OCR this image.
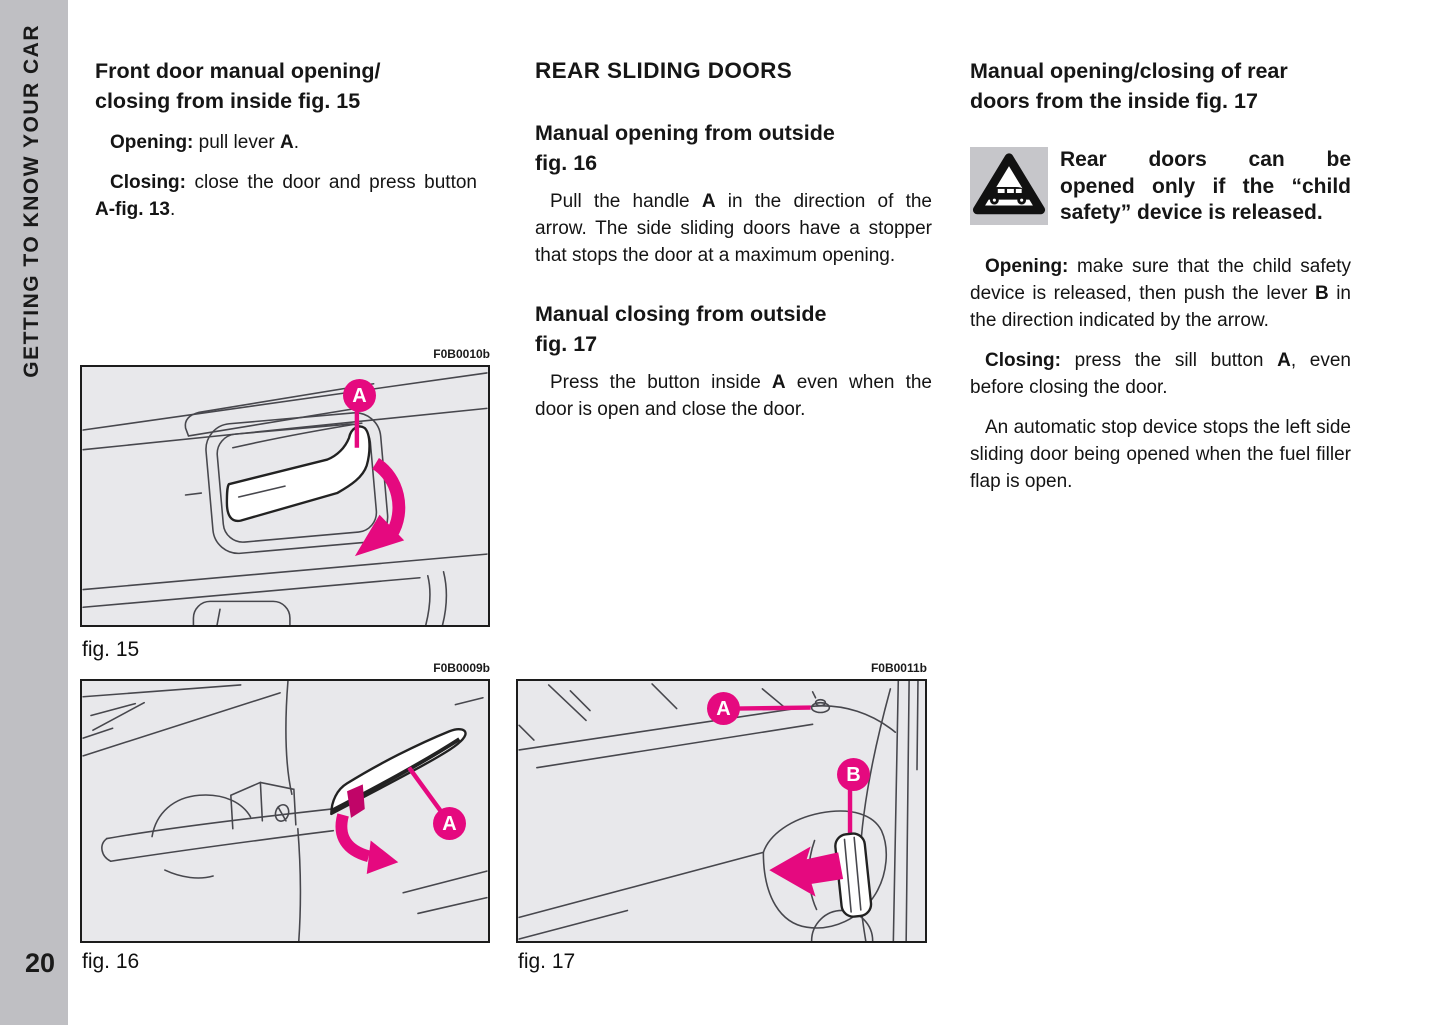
GETTING TO KNOW YOUR CAR
20
Front door manual opening/
closing from inside fig. 15

Opening: pull lever A.

Closing: close the door and press button A-fig. 13.

REAR SLIDING DOORS
Manual opening from outside
fig. 16

Pull the handle A in the direction of the arrow. The side sliding doors have a stopper that stops the door at a maximum opening.

Manual closing from outside
fig. 17

Press the button inside A even when the door is open and close the door.

Manual opening/closing of rear
doors from the inside fig. 17
Rear doors can be
opened only if the “child
safety” device is released.

Opening: make sure that the child safety device is released, then push the lever B in the direction indicated by the arrow.

Closing: press the sill button A, even before closing the door.

An automatic stop device stops the left side sliding door being opened when the fuel filler flap is open.

F0B0010b
A
fig. 15
F0B0009b
A
fig. 16
F0B0011b
A
B
fig. 17
